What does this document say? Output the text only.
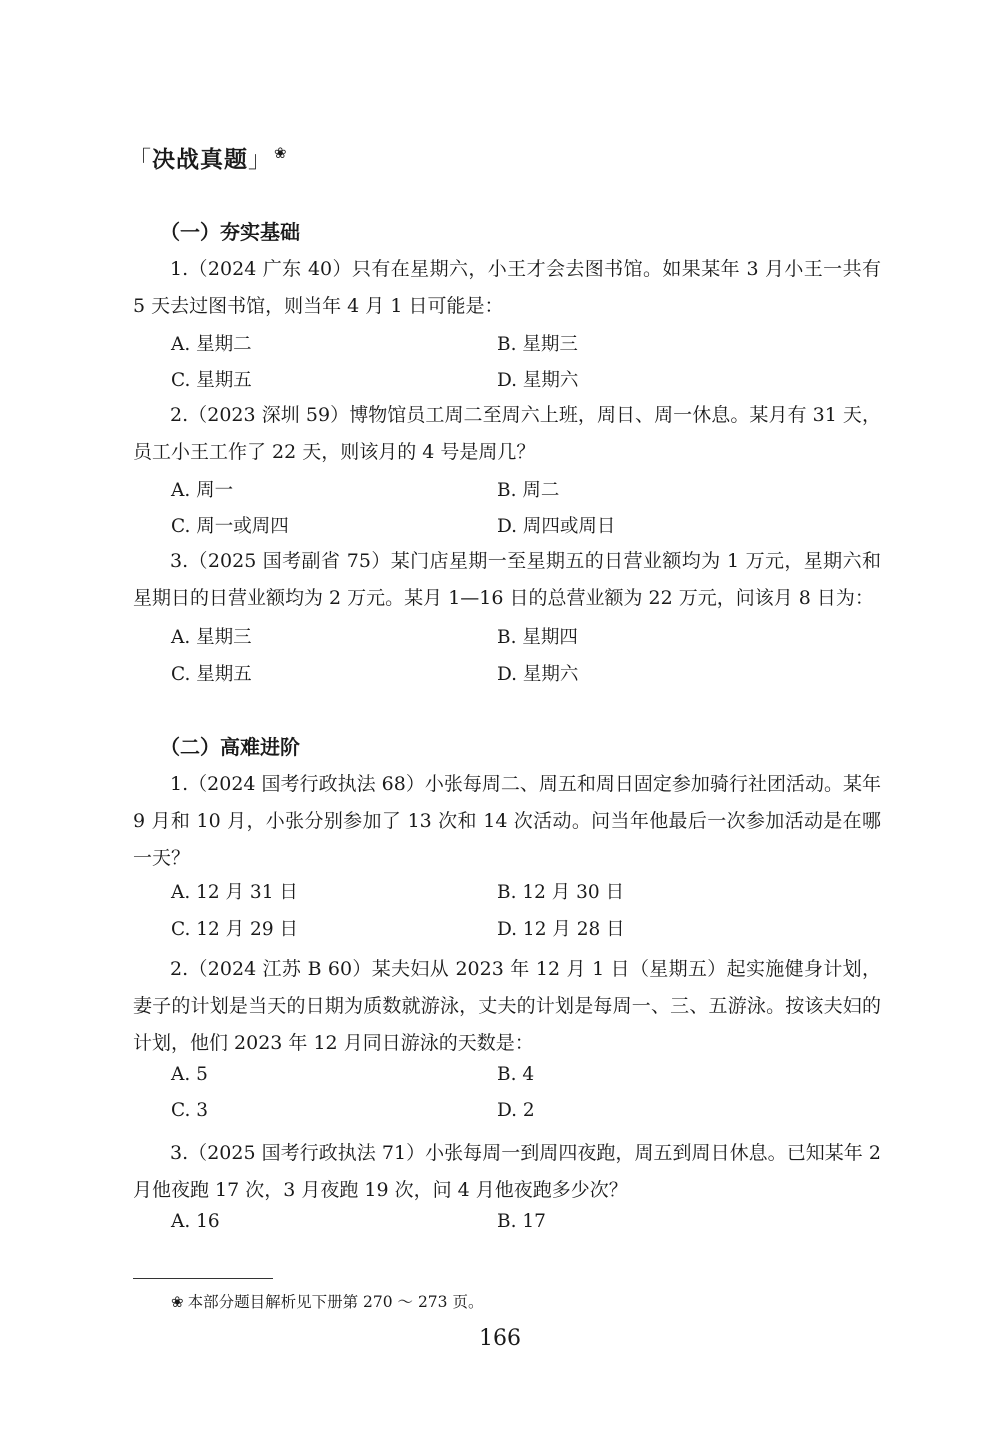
「决战真题」 ❀
（一）夯实基础
1.（2024 广东 40）只有在星期六，小王才会去图书馆。如果某年 3 月小王一共有 5 天去过图书馆，则当年 4 月 1 日可能是：
A. 星期二	B. 星期三
C. 星期五	D. 星期六
2.（2023 深圳 59）博物馆员工周二至周六上班，周日、周一休息。某月有 31 天，员工小王工作了 22 天，则该月的 4 号是周几？
A. 周一	B. 周二
C. 周一或周四	D. 周四或周日
3.（2025 国考副省 75）某门店星期一至星期五的日营业额均为 1 万元，星期六和星期日的日营业额均为 2 万元。某月 1—16 日的总营业额为 22 万元，问该月 8 日为：
A. 星期三	B. 星期四
C. 星期五	D. 星期六
（二）高难进阶
1.（2024 国考行政执法 68）小张每周二、周五和周日固定参加骑行社团活动。某年 9 月和 10 月，小张分别参加了 13 次和 14 次活动。问当年他最后一次参加活动是在哪一天？
A. 12 月 31 日	B. 12 月 30 日
C. 12 月 29 日	D. 12 月 28 日
2.（2024 江苏 B 60）某夫妇从 2023 年 12 月 1 日（星期五）起实施健身计划，妻子的计划是当天的日期为质数就游泳，丈夫的计划是每周一、三、五游泳。按该夫妇的计划，他们 2023 年 12 月同日游泳的天数是：
A. 5	B. 4
C. 3	D. 2
3.（2025 国考行政执法 71）小张每周一到周四夜跑，周五到周日休息。已知某年 2 月他夜跑 17 次，3 月夜跑 19 次，问 4 月他夜跑多少次？
A. 16	B. 17
❀ 本部分题目解析见下册第 270 ～ 273 页。
166
